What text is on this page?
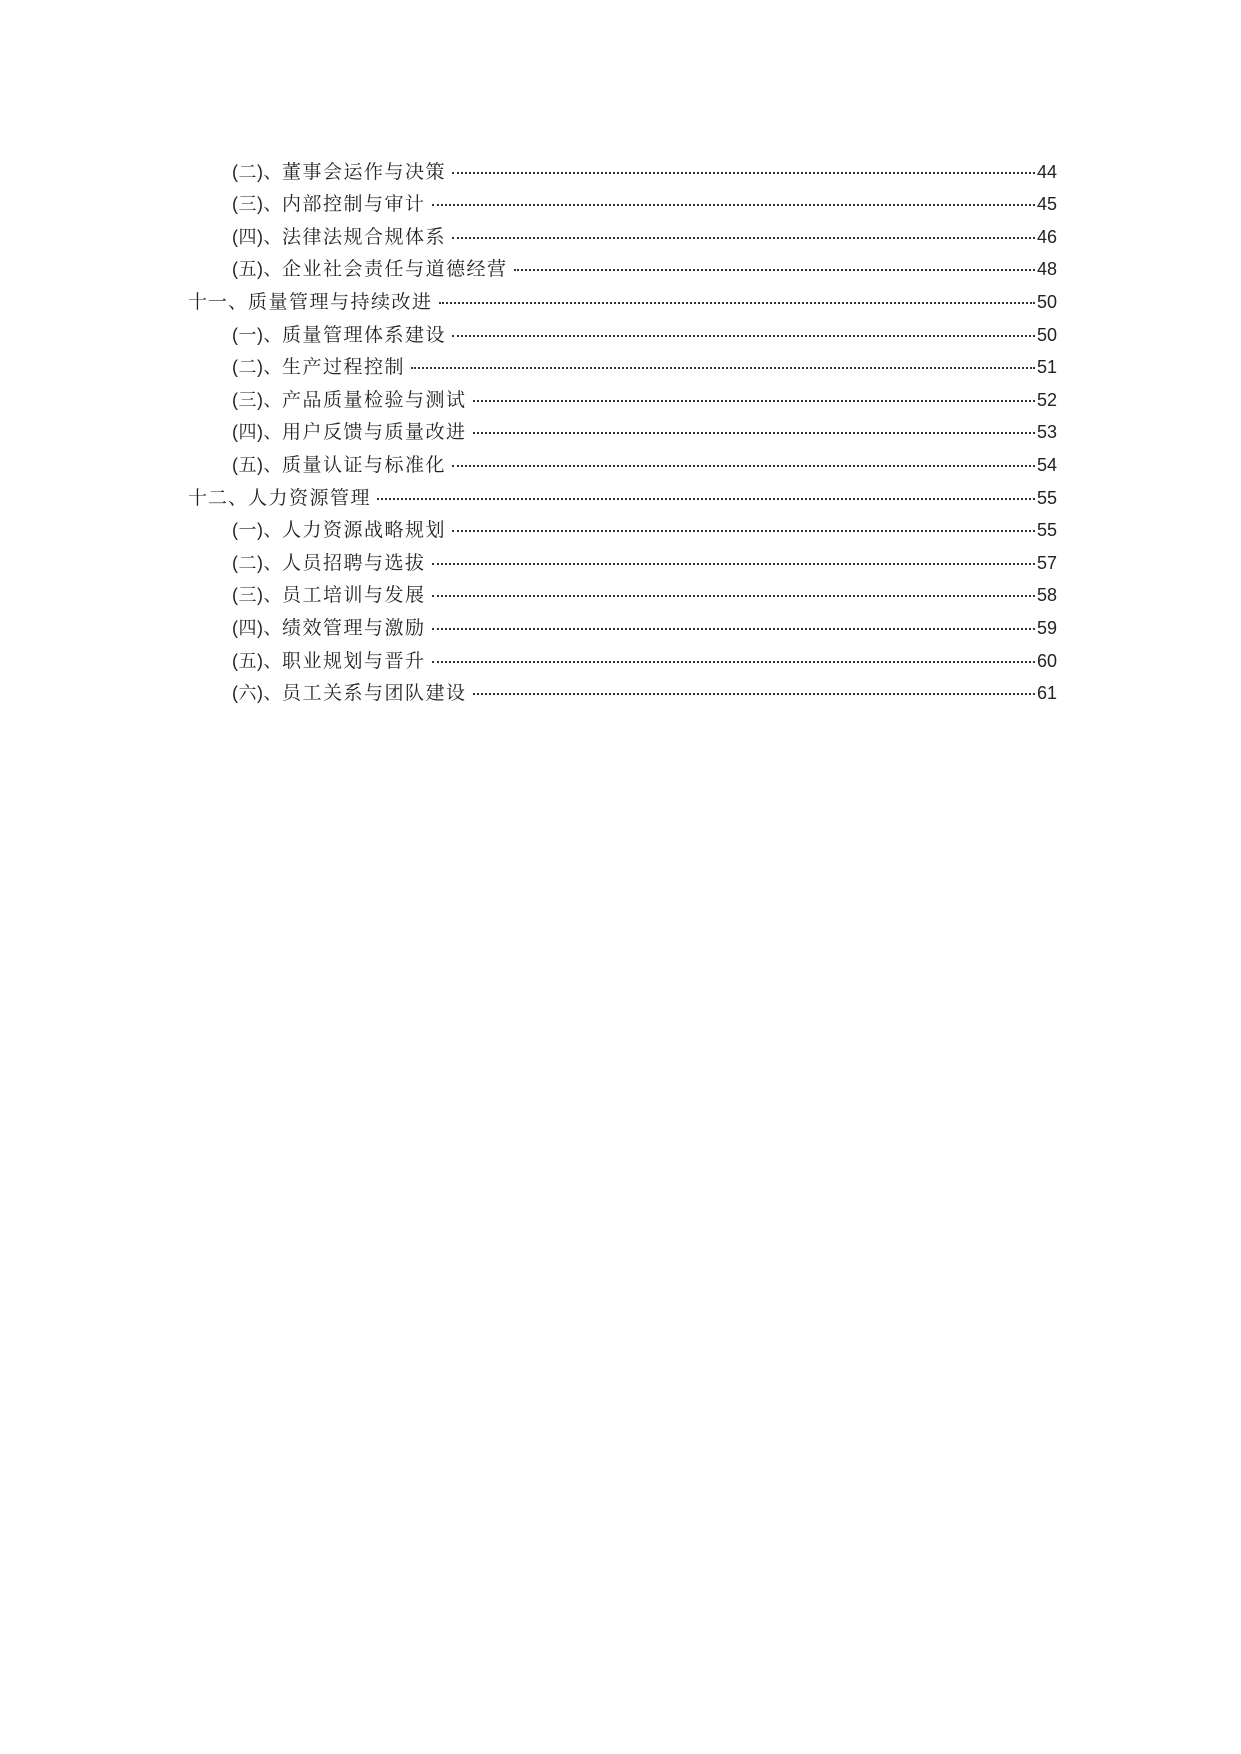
(二)、 董事会运作与决策	44
(三)、 内部控制与审计	45
(四)、 法律法规合规体系	46
(五)、 企业社会责任与道德经营	48
十一、 质量管理与持续改进	50
(一)、 质量管理体系建设	50
(二)、 生产过程控制	51
(三)、 产品质量检验与测试	52
(四)、 用户反馈与质量改进	53
(五)、 质量认证与标准化	54
十二、 人力资源管理	55
(一)、 人力资源战略规划	55
(二)、 人员招聘与选拔	57
(三)、 员工培训与发展	58
(四)、 绩效管理与激励	59
(五)、 职业规划与晋升	60
(六)、 员工关系与团队建设	61
